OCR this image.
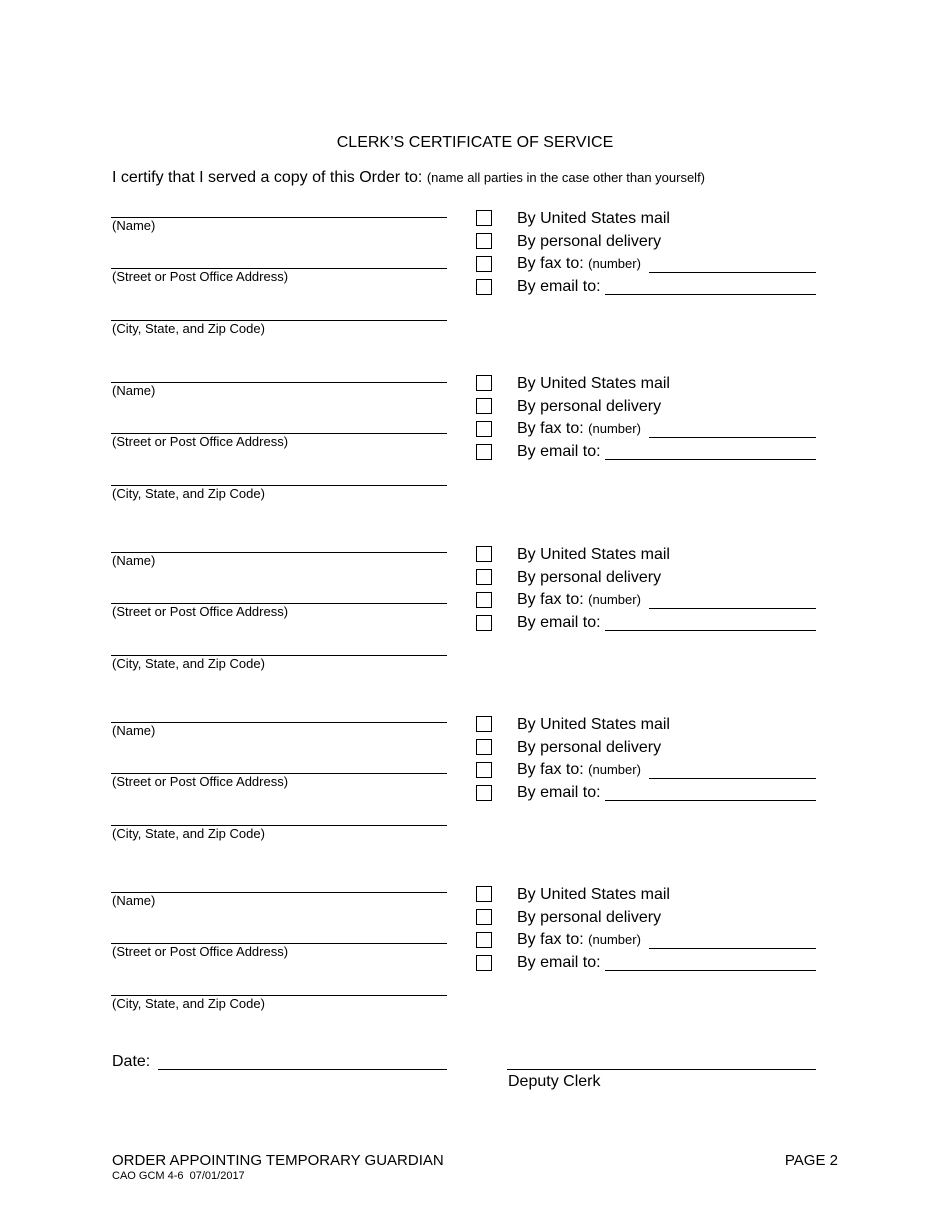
CLERK’S CERTIFICATE OF SERVICE
I certify that I served a copy of this Order to: (name all parties in the case other than yourself)
(Name)
(Street or Post Office Address)
(City, State, and Zip Code)
By United States mail
By personal delivery
By fax to: (number)
By email to:
(Name)
(Street or Post Office Address)
(City, State, and Zip Code)
By United States mail
By personal delivery
By fax to: (number)
By email to:
(Name)
(Street or Post Office Address)
(City, State, and Zip Code)
By United States mail
By personal delivery
By fax to: (number)
By email to:
(Name)
(Street or Post Office Address)
(City, State, and Zip Code)
By United States mail
By personal delivery
By fax to: (number)
By email to:
(Name)
(Street or Post Office Address)
(City, State, and Zip Code)
By United States mail
By personal delivery
By fax to: (number)
By email to:
Date:
Deputy Clerk
ORDER APPOINTING TEMPORARY GUARDIAN
CAO GCM 4-6  07/01/2017
PAGE 2
